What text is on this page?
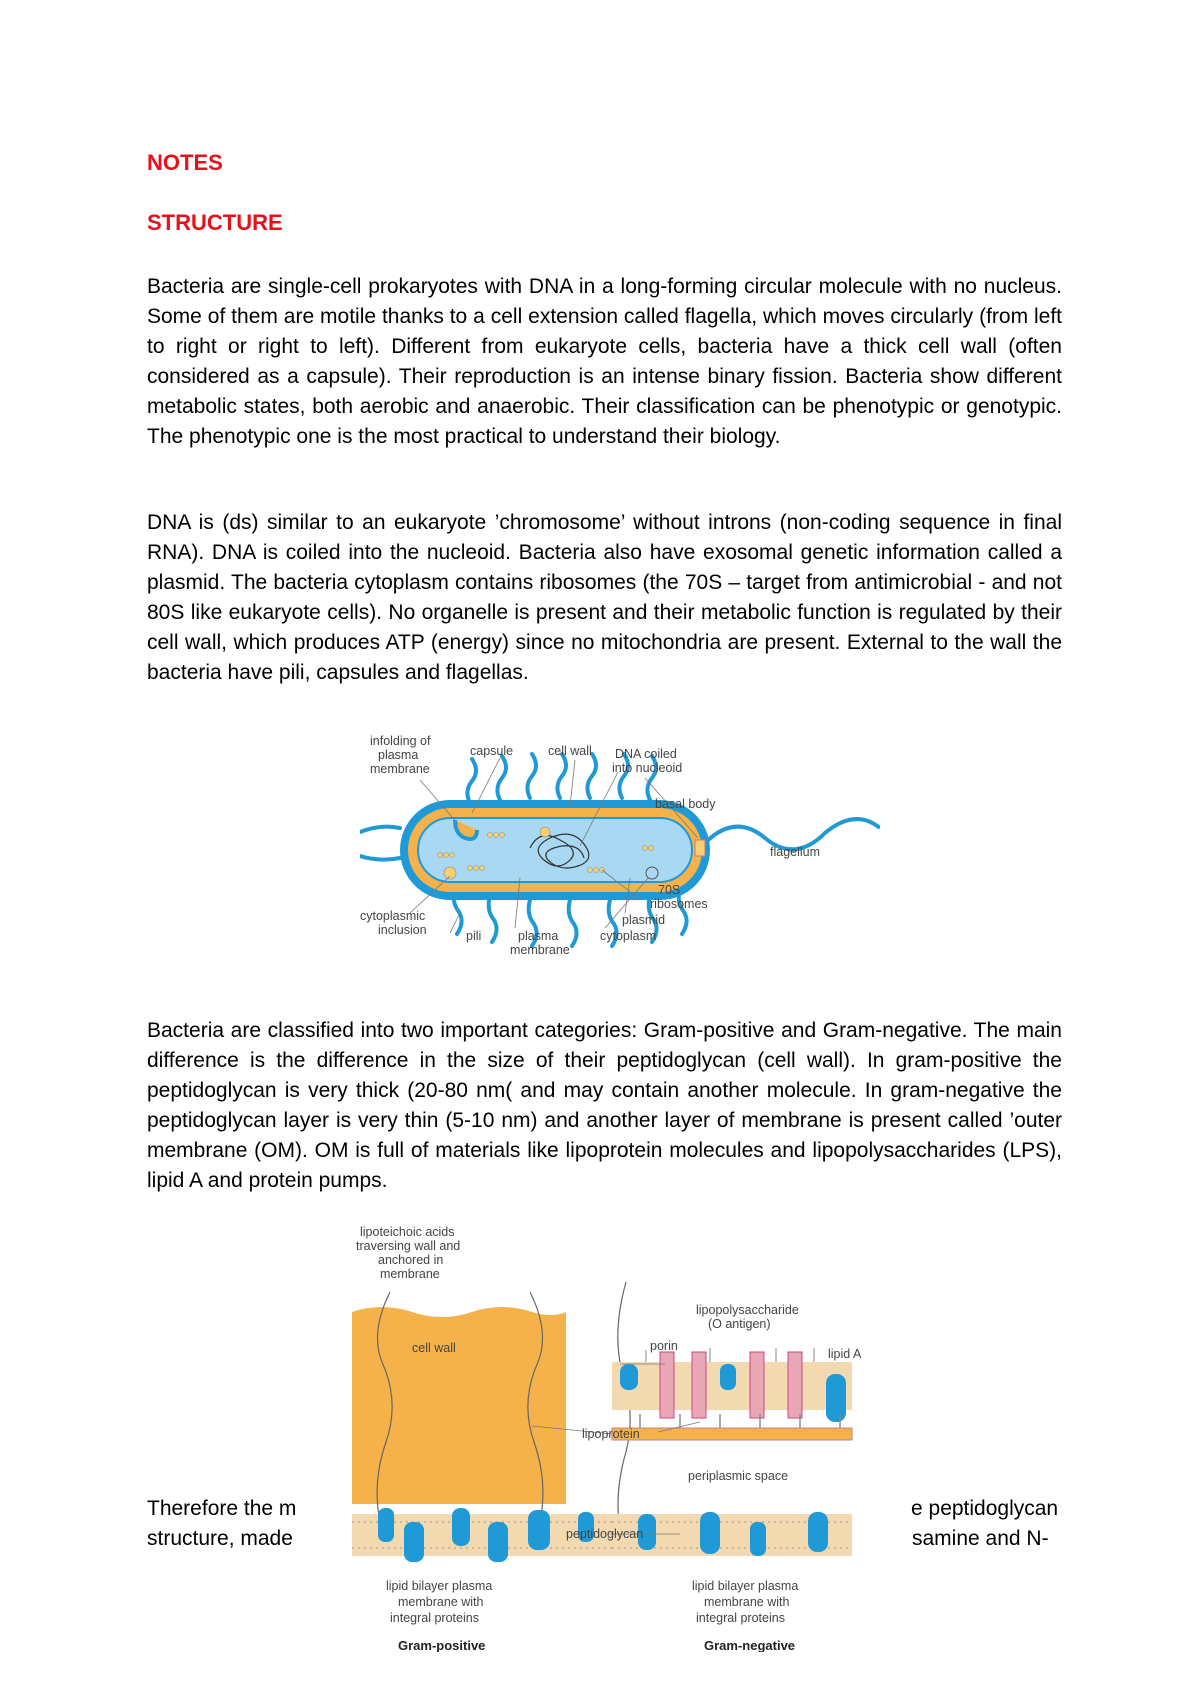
NOTES
STRUCTURE

Bacteria are single-cell prokaryotes with DNA in a long-forming circular molecule with no nucleus. Some of them are motile thanks to a cell extension called flagella, which moves circularly (from left to right or right to left). Different from eukaryote cells, bacteria have a thick cell wall (often considered as a capsule). Their reproduction is an intense binary fission. Bacteria show different metabolic states, both aerobic and anaerobic. Their classification can be phenotypic or genotypic. The phenotypic one is the most practical to understand their biology.

DNA is (ds) similar to an eukaryote ’chromosome’ without introns (non-coding sequence in final RNA). DNA is coiled into the nucleoid. Bacteria also have exosomal genetic information called a plasmid. The bacteria cytoplasm contains ribosomes (the 70S – target from antimicrobial - and not 80S like eukaryote cells). No organelle is present and their metabolic function is regulated by their cell wall, which produces ATP (energy) since no mitochondria are present. External to the wall the bacteria have pili, capsules and flagellas.

infolding of plasma membrane
capsule	cell wall DNA coiled into nucleoid
basal body
flagellum
70S ribosomes
plasmid
cytoplasm
plasma membrane
pili
cytoplasmic inclusion

Bacteria are classified into two important categories: Gram-positive and Gram-negative. The main difference is the difference in the size of their peptidoglycan (cell wall). In gram-positive the peptidoglycan is very thick (20-80 nm( and may contain another molecule. In gram-negative the peptidoglycan layer is very thin (5-10 nm) and another layer of membrane is present called ’outer membrane (OM). OM is full of materials like lipoprotein molecules and lipopolysaccharides (LPS), lipid A and protein pumps.

Therefore the m

structure, made

e peptidoglycan

samine and N-

lipoteichoic acids traversing wall and anchored in membrane
cell wall
lipopolysaccharide (O antigen)
porin
lipid A
lipoprotein
periplasmic space
peptidoglycan
lipid bilayer plasma membrane with integral proteins
lipid bilayer plasma membrane with integral proteins
Gram-positive	Gram-negative
